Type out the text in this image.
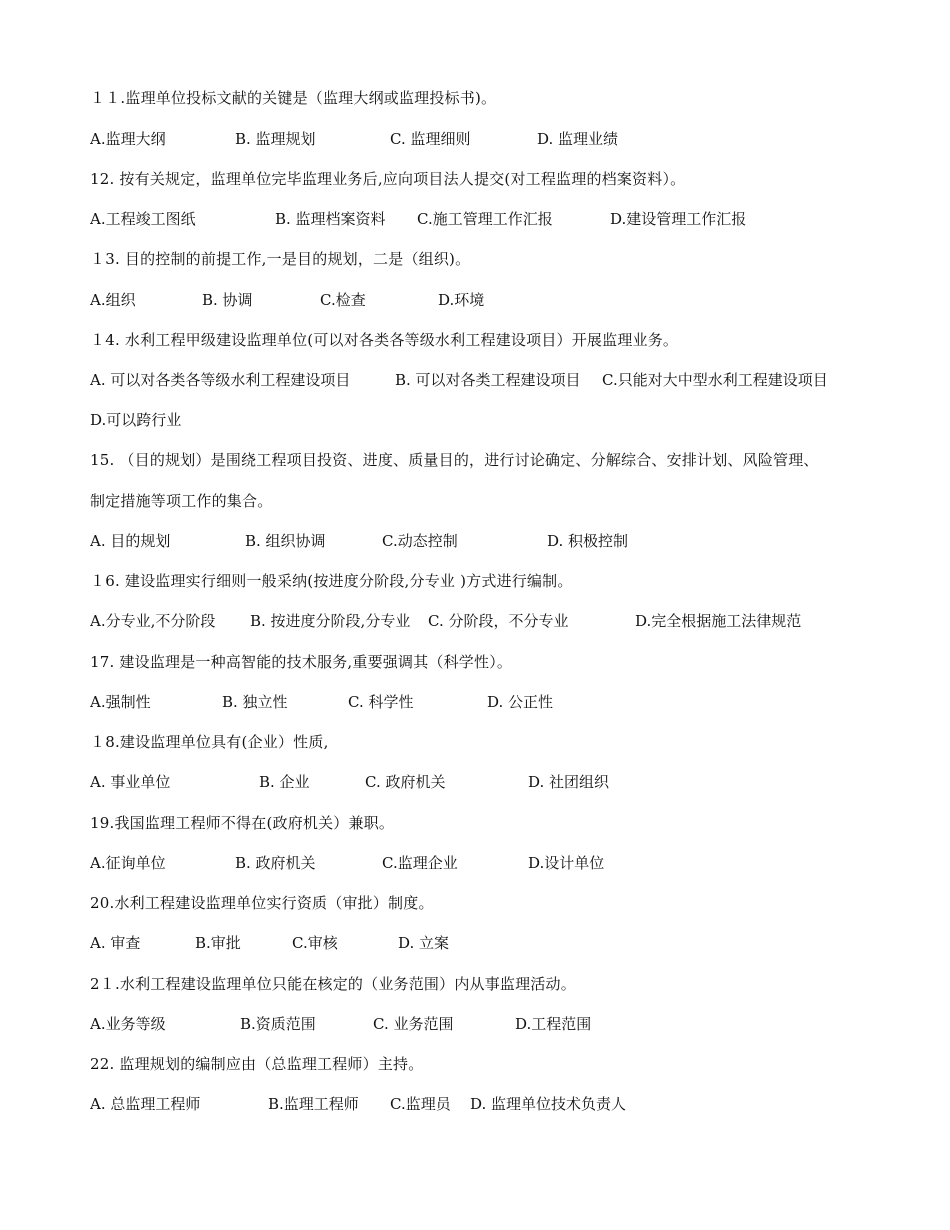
１１.监理单位投标文献的关键是（监理大纲或监理投标书)。
A.监理大纲	B. 监理规划	C. 监理细则	D. 监理业绩
12. 按有关规定，监理单位完毕监理业务后,应向项目法人提交(对工程监理的档案资料）。
A.工程竣工图纸	B. 监理档案资料 C.施工管理工作汇报	D.建设管理工作汇报
１3. 目的控制的前提工作,一是目的规划，二是（组织)。
A.组织	B. 协调	C.检查	D.环境
１4. 水利工程甲级建设监理单位(可以对各类各等级水利工程建设项目）开展监理业务。
A. 可以对各类各等级水利工程建设项目	B. 可以对各类工程建设项目 C.只能对大中型水利工程建设项目
D.可以跨行业
15. （目的规划）是围绕工程项目投资、进度、质量目的，进行讨论确定、分解综合、安排计划、风险管理、
制定措施等项工作的集合。
A. 目的规划	B. 组织协调	C.动态控制	D. 积极控制
１6. 建设监理实行细则一般采纳(按进度分阶段,分专业 )方式进行编制。
A.分专业,不分阶段 B. 按进度分阶段,分专业 C. 分阶段，不分专业	D.完全根据施工法律规范
17. 建设监理是一种高智能的技术服务,重要强调其（科学性）。
A.强制性	B. 独立性	C. 科学性	D. 公正性
１8.建设监理单位具有(企业）性质,
A. 事业单位	B. 企业	C. 政府机关	D. 社团组织
19.我国监理工程师不得在(政府机关）兼职。
A.征询单位	B. 政府机关	C.监理企业	D.设计单位
20.水利工程建设监理单位实行资质（审批）制度。
A. 审查	B.审批	C.审核	D. 立案
2１.水利工程建设监理单位只能在核定的（业务范围）内从事监理活动。
A.业务等级	B.资质范围	C. 业务范围	D.工程范围
22. 监理规划的编制应由（总监理工程师）主持。
A. 总监理工程师	B.监理工程师 C.监理员 D. 监理单位技术负责人
